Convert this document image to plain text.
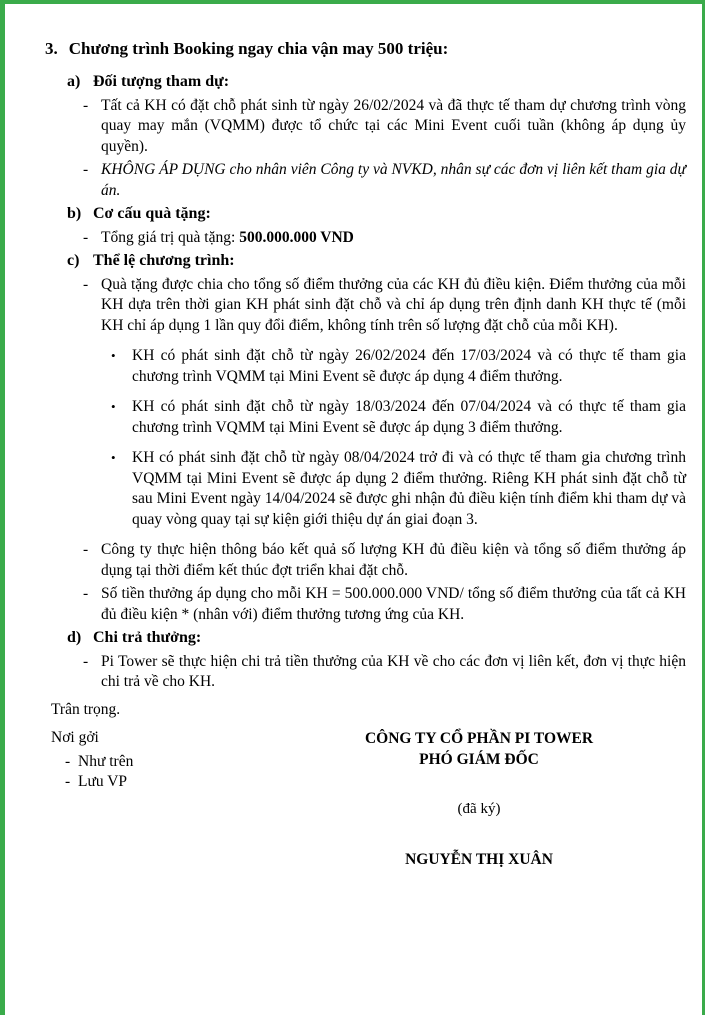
3. Chương trình Booking ngay chia vận may 500 triệu:
a) Đối tượng tham dự:
- Tất cả KH có đặt chỗ phát sinh từ ngày 26/02/2024 và đã thực tế tham dự chương trình vòng quay may mắn (VQMM) được tổ chức tại các Mini Event cuối tuần (không áp dụng ủy quyền).

- KHÔNG ÁP DỤNG cho nhân viên Công ty và NVKD, nhân sự các đơn vị liên kết tham gia dự án.

b) Cơ cấu quà tặng:
- Tổng giá trị quà tặng: 500.000.000 VND

c) Thể lệ chương trình:
- Quà tặng được chia cho tổng số điểm thưởng của các KH đủ điều kiện. Điểm thưởng của mỗi KH dựa trên thời gian KH phát sinh đặt chỗ và chỉ áp dụng trên định danh KH thực tế (mỗi KH chỉ áp dụng 1 lần quy đổi điểm, không tính trên số lượng đặt chỗ của mỗi KH).

•	KH có phát sinh đặt chỗ từ ngày 26/02/2024 đến 17/03/2024 và có thực tế tham gia chương trình VQMM tại Mini Event sẽ được áp dụng 4 điểm thưởng.

•	KH có phát sinh đặt chỗ từ ngày 18/03/2024 đến 07/04/2024 và có thực tế tham gia chương trình VQMM tại Mini Event sẽ được áp dụng 3 điểm thưởng.

•	KH có phát sinh đặt chỗ từ ngày 08/04/2024 trở đi và có thực tế tham gia chương trình VQMM tại Mini Event sẽ được áp dụng 2 điểm thưởng. Riêng KH phát sinh đặt chỗ từ sau Mini Event ngày 14/04/2024 sẽ được ghi nhận đủ điều kiện tính điểm khi tham dự và quay vòng quay tại sự kiện giới thiệu dự án giai đoạn 3.

- Công ty thực hiện thông báo kết quả số lượng KH đủ điều kiện và tổng số điểm thưởng áp dụng tại thời điểm kết thúc đợt triển khai đặt chỗ.

- Số tiền thưởng áp dụng cho mỗi KH = 500.000.000 VND/ tổng số điểm thưởng của tất cả KH đủ điều kiện * (nhân với) điểm thưởng tương ứng của KH.

d) Chi trả thưởng:
- Pi Tower sẽ thực hiện chi trả tiền thưởng của KH về cho các đơn vị liên kết, đơn vị thực hiện chi trả về cho KH.

Trân trọng.
Nơi gởi
- Như trên
- Lưu VP
CÔNG TY CỔ PHẦN PI TOWER
PHÓ GIÁM ĐỐC
(đã ký)
NGUYỄN THỊ XUÂN
